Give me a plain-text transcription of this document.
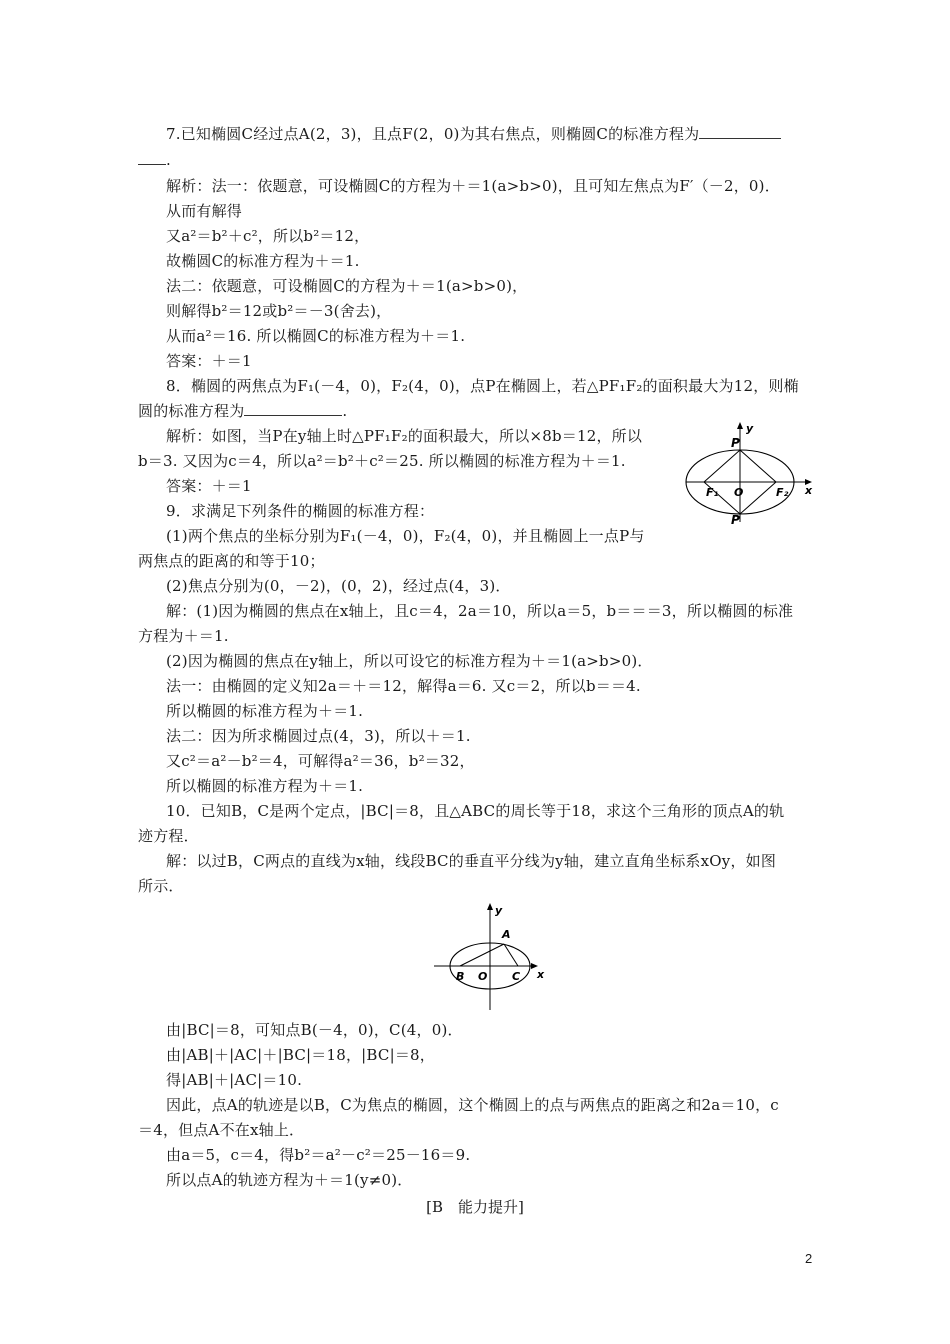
7.已知椭圆C经过点A(2，3)，且点F(2，0)为其右焦点，则椭圆C的标准方程为
.
解析：法一：依题意，可设椭圆C的方程为＋＝1(a>b>0)，且可知左焦点为F′（－2，0)．
从而有解得
又a²＝b²＋c²，所以b²＝12，
故椭圆C的标准方程为＋＝1.
法二：依题意，可设椭圆C的方程为＋＝1(a>b>0)，
则解得b²＝12或b²＝－3(舍去)，
从而a²＝16. 所以椭圆C的标准方程为＋＝1.
答案：＋＝1
8．椭圆的两焦点为F₁(－4，0)，F₂(4，0)，点P在椭圆上，若△PF₁F₂的面积最大为12，则椭
圆的标准方程为	.
解析：如图，当P在y轴上时△PF₁F₂的面积最大，所以×8b＝12，所以
b＝3. 又因为c＝4，所以a²＝b²＋c²＝25. 所以椭圆的标准方程为＋＝1.
答案：＋＝1
y
x
P
P
F₁ O	F₂
9．求满足下列条件的椭圆的标准方程：
(1)两个焦点的坐标分别为F₁(－4，0)，F₂(4，0)，并且椭圆上一点P与
两焦点的距离的和等于10；
(2)焦点分别为(0，－2)，(0，2)，经过点(4，3)．
解：(1)因为椭圆的焦点在x轴上，且c＝4，2a＝10，所以a＝5，b＝＝＝3，所以椭圆的标准
方程为＋＝1.
(2)因为椭圆的焦点在y轴上，所以可设它的标准方程为＋＝1(a>b>0)．
法一：由椭圆的定义知2a＝＋＝12，解得a＝6. 又c＝2，所以b＝＝4.
所以椭圆的标准方程为＋＝1.
法二：因为所求椭圆过点(4，3)，所以＋＝1.
又c²＝a²－b²＝4，可解得a²＝36，b²＝32，
所以椭圆的标准方程为＋＝1.
10．已知B，C是两个定点，|BC|＝8，且△ABC的周长等于18，求这个三角形的顶点A的轨
迹方程．
解：以过B，C两点的直线为x轴，线段BC的垂直平分线为y轴，建立直角坐标系xOy，如图
所示．
y
x
A
B O C
由|BC|＝8，可知点B(－4，0)，C(4，0)．
由|AB|＋|AC|＋|BC|＝18，|BC|＝8，
得|AB|＋|AC|＝10.
因此，点A的轨迹是以B，C为焦点的椭圆，这个椭圆上的点与两焦点的距离之和2a＝10，c
＝4，但点A不在x轴上．
由a＝5，c＝4，得b²＝a²－c²＝25－16＝9.
所以点A的轨迹方程为＋＝1(y≠0)．
[B　能力提升]
2
